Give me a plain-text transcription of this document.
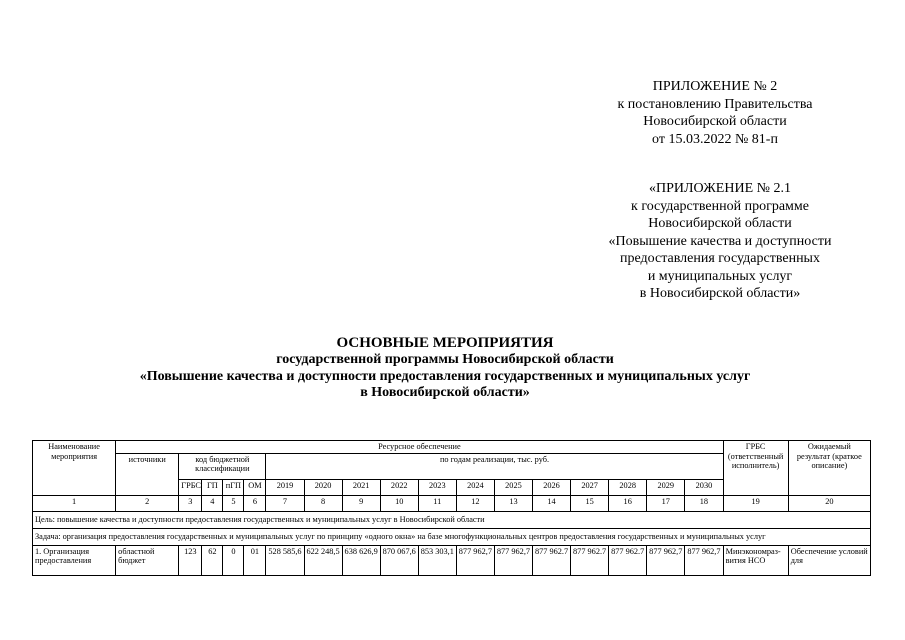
ПРИЛОЖЕНИЕ № 2
к постановлению Правительства
Новосибирской области
от 15.03.2022 № 81-п
«ПРИЛОЖЕНИЕ № 2.1
к государственной программе
Новосибирской области
«Повышение качества и доступности
предоставления государственных
и муниципальных услуг
в Новосибирской области»
ОСНОВНЫЕ МЕРОПРИЯТИЯ
государственной программы Новосибирской области
«Повышение качества и доступности предоставления государственных и муниципальных услуг
в Новосибирской области»
Наименование мероприятия	Ресурсное обеспечение																	ГРБС (ответственный исполнитель)	Ожидаемый результат (краткое описание)
	источники	код бюджетной классификации				по годам реализации, тыс. руб.													
		ГРБС	ГП	пГП	ОМ	2019	2020	2021	2022	2023	2024	2025	2026	2027	2028	2029	2030		
1	2	3	4	5	6	7	8	9	10	11	12	13	14	15	16	17	18	19	20
Цель: повышение качества и доступности предоставления государственных и муниципальных услуг в Новосибирской области																			
Задача: организация предоставления государственных и муниципальных услуг по принципу «одного окна» на базе многофункциональных центров предоставления государственных и муниципальных услуг																			
1. Организация предоставления	областной бюджет	123	62	0	01	528 585,6	622 248,5	638 626,9	870 067,6	853 303,1	877 962,7	877 962,7	877 962.7	877 962.7	877 962.7	877 962,7	877 962,7	Минэкономраз-вития НСО	Обеспечение условий для
